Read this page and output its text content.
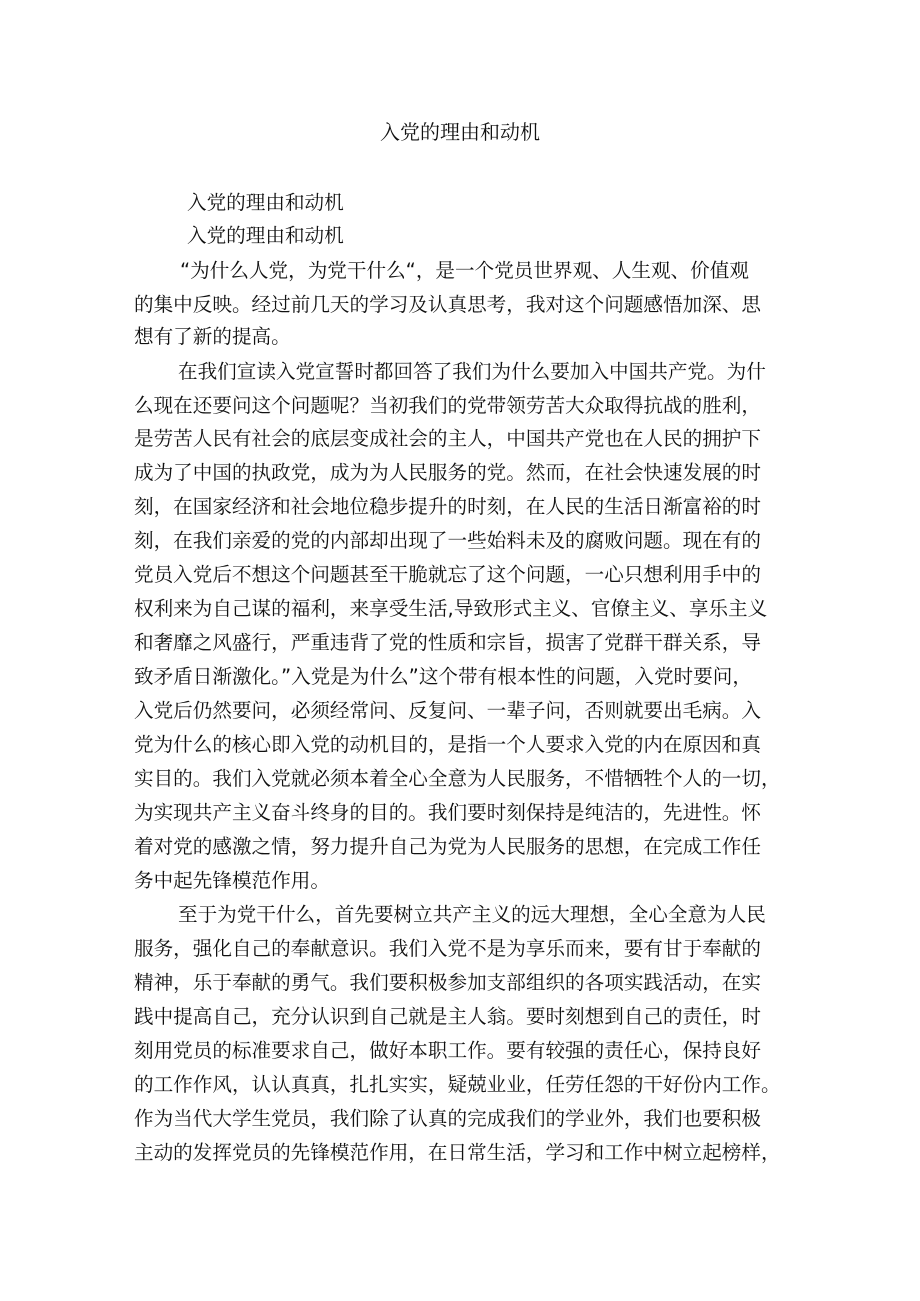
入党的理由和动机
入党的理由和动机
入党的理由和动机
“为什么人党，为党干什么“，是一个党员世界观、人生观、价值观
的集中反映。经过前几天的学习及认真思考，我对这个问题感悟加深、思
想有了新的提高。
在我们宣读入党宣誓时都回答了我们为什么要加入中国共产党。为什
么现在还要问这个问题呢？当初我们的党带领劳苦大众取得抗战的胜利，
是劳苦人民有社会的底层变成社会的主人，中国共产党也在人民的拥护下
成为了中国的执政党，成为为人民服务的党。然而，在社会快速发展的时
刻，在国家经济和社会地位稳步提升的时刻，在人民的生活日渐富裕的时
刻，在我们亲爱的党的内部却出现了一些始料未及的腐败问题。现在有的
党员入党后不想这个问题甚至干脆就忘了这个问题，一心只想利用手中的
权利来为自己谋的福利，来享受生活,导致形式主义、官僚主义、享乐主义
和奢靡之风盛行，严重违背了党的性质和宗旨，损害了党群干群关系，导
致矛盾日渐激化。”入党是为什么”这个带有根本性的问题，入党时要问，
入党后仍然要问，必须经常问、反复问、一辈子问，否则就要出毛病。入
党为什么的核心即入党的动机目的，是指一个人要求入党的内在原因和真
实目的。我们入党就必须本着全心全意为人民服务，不惜牺牲个人的一切，
为实现共产主义奋斗终身的目的。我们要时刻保持是纯洁的，先进性。怀
着对党的感激之情，努力提升自己为党为人民服务的思想，在完成工作任
务中起先锋模范作用。
至于为党干什么，首先要树立共产主义的远大理想，全心全意为人民
服务，强化自己的奉献意识。我们入党不是为享乐而来，要有甘于奉献的
精神，乐于奉献的勇气。我们要积极参加支部组织的各项实践活动，在实
践中提高自己，充分认识到自己就是主人翁。要时刻想到自己的责任，时
刻用党员的标准要求自己，做好本职工作。要有较强的责任心，保持良好
的工作作风，认认真真，扎扎实实，疑兢业业，任劳任怨的干好份内工作。
作为当代大学生党员，我们除了认真的完成我们的学业外，我们也要积极
主动的发挥党员的先锋模范作用，在日常生活，学习和工作中树立起榜样，
